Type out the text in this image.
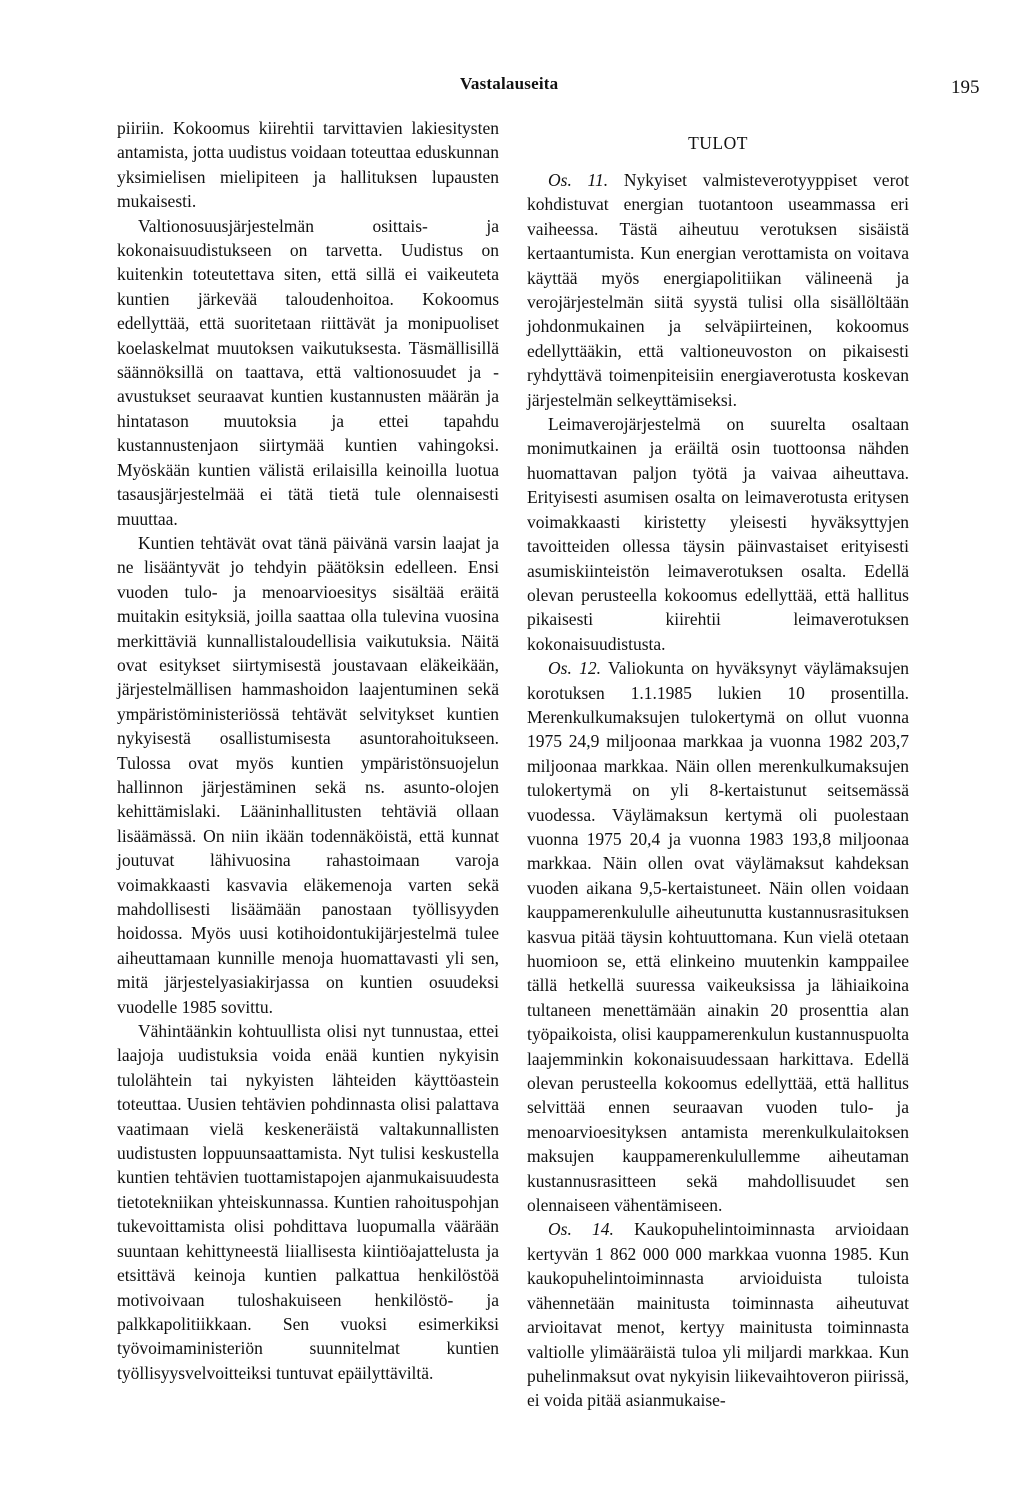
Vastalauseita	195

piiriin. Kokoomus kiirehtii tarvittavien lakiesitysten antamista, jotta uudistus voidaan toteuttaa eduskunnan yksimielisen mielipiteen ja hallituksen lupausten mukaisesti.

Valtionosuusjärjestelmän osittais- ja kokonaisuudistukseen on tarvetta. Uudistus on kuitenkin toteutettava siten, että sillä ei vaikeuteta kuntien järkevää taloudenhoitoa. Kokoomus edellyttää, että suoritetaan riittävät ja monipuoliset koelaskelmat muutoksen vaikutuksesta. Täsmällisillä säännöksillä on taattava, että valtionosuudet ja -avustukset seuraavat kuntien kustannusten määrän ja hintatason muutoksia ja ettei tapahdu kustannustenjaon siirtymää kuntien vahingoksi. Myöskään kuntien välistä erilaisilla keinoilla luotua tasausjärjestelmää ei tätä tietä tule olennaisesti muuttaa.

Kuntien tehtävät ovat tänä päivänä varsin laajat ja ne lisääntyvät jo tehdyin päätöksin edelleen. Ensi vuoden tulo- ja menoarvioesitys sisältää eräitä muitakin esityksiä, joilla saattaa olla tulevina vuosina merkittäviä kunnallistaloudellisia vaikutuksia. Näitä ovat esitykset siirtymisestä joustavaan eläkeikään, järjestelmällisen hammashoidon laajentuminen sekä ympäristöministeriössä tehtävät selvitykset kuntien nykyisestä osallistumisesta asuntorahoitukseen. Tulossa ovat myös kuntien ympäristönsuojelun hallinnon järjestäminen sekä ns. asunto-olojen kehittämislaki. Lääninhallitusten tehtäviä ollaan lisäämässä. On niin ikään todennäköistä, että kunnat joutuvat lähivuosina rahastoimaan varoja voimakkaasti kasvavia eläkemenoja varten sekä mahdollisesti lisäämään panostaan työllisyyden hoidossa. Myös uusi kotihoidontukijärjestelmä tulee aiheuttamaan kunnille menoja huomattavasti yli sen, mitä järjestelyasiakirjassa on kuntien osuudeksi vuodelle 1985 sovittu.

Vähintäänkin kohtuullista olisi nyt tunnustaa, ettei laajoja uudistuksia voida enää kuntien nykyisin tulolähtein tai nykyisten lähteiden käyttöastein toteuttaa. Uusien tehtävien pohdinnasta olisi palattava vaatimaan vielä keskeneräistä valtakunnallisten uudistusten loppuunsaattamista. Nyt tulisi keskustella kuntien tehtävien tuottamistapojen ajanmukaisuudesta tietotekniikan yhteiskunnassa. Kuntien rahoituspohjan tukevoittamista olisi pohdittava luopumalla väärään suuntaan kehittyneestä liiallisesta kiintiöajattelusta ja etsittävä keinoja kuntien palkattua henkilöstöä motivoivaan tuloshakuiseen henkilöstö- ja palkkapolitiikkaan. Sen vuoksi esimerkiksi työvoimaministeriön suunnitelmat kuntien työllisyysvelvoitteiksi tuntuvat epäilyttäviltä.

TULOT

Os. 11. Nykyiset valmisteverotyyppiset verot kohdistuvat energian tuotantoon useammassa eri vaiheessa. Tästä aiheutuu verotuksen sisäistä kertaantumista. Kun energian verottamista on voitava käyttää myös energiapolitiikan välineenä ja verojärjestelmän siitä syystä tulisi olla sisällöltään johdonmukainen ja selväpiirteinen, kokoomus edellyttääkin, että valtioneuvoston on pikaisesti ryhdyttävä toimenpiteisiin energiaverotusta koskevan järjestelmän selkeyttämiseksi.

Leimaverojärjestelmä on suurelta osaltaan monimutkainen ja eräiltä osin tuottoonsa nähden huomattavan paljon työtä ja vaivaa aiheuttava. Erityisesti asumisen osalta on leimaverotusta eritysen voimakkaasti kiristetty yleisesti hyväksyttyjen tavoitteiden ollessa täysin päinvastaiset erityisesti asumiskiinteistön leimaverotuksen osalta. Edellä olevan perusteella kokoomus edellyttää, että hallitus pikaisesti kiirehtii leimaverotuksen kokonaisuudistusta.

Os. 12. Valiokunta on hyväksynyt väylämaksujen korotuksen 1.1.1985 lukien 10 prosentilla. Merenkulkumaksujen tulokertymä on ollut vuonna 1975 24,9 miljoonaa markkaa ja vuonna 1982 203,7 miljoonaa markkaa. Näin ollen merenkulkumaksujen tulokertymä on yli 8-kertaistunut seitsemässä vuodessa. Väylämaksun kertymä oli puolestaan vuonna 1975 20,4 ja vuonna 1983 193,8 miljoonaa markkaa. Näin ollen ovat väylämaksut kahdeksan vuoden aikana 9,5-kertaistuneet. Näin ollen voidaan kauppamerenkululle aiheutunutta kustannusrasituksen kasvua pitää täysin kohtuuttomana. Kun vielä otetaan huomioon se, että elinkeino muutenkin kamppailee tällä hetkellä suuressa vaikeuksissa ja lähiaikoina tultaneen menettämään ainakin 20 prosenttia alan työpaikoista, olisi kauppamerenkulun kustannuspuolta laajemminkin kokonaisuudessaan harkittava. Edellä olevan perusteella kokoomus edellyttää, että hallitus selvittää ennen seuraavan vuoden tulo- ja menoarvioesityksen antamista merenkulkulaitoksen maksujen kauppamerenkulullemme aiheutaman kustannusrasitteen sekä mahdollisuudet sen olennaiseen vähentämiseen.

Os. 14. Kaukopuhelintoiminnasta arvioidaan kertyvän 1 862 000 000 markkaa vuonna 1985. Kun kaukopuhelintoiminnasta arvioiduista tuloista vähennetään mainitusta toiminnasta aiheutuvat arvioitavat menot, kertyy mainitusta toiminnasta valtiolle ylimääräistä tuloa yli miljardi markkaa. Kun puhelinmaksut ovat nykyisin liikevaihtoveron piirissä, ei voida pitää asianmukaise-
